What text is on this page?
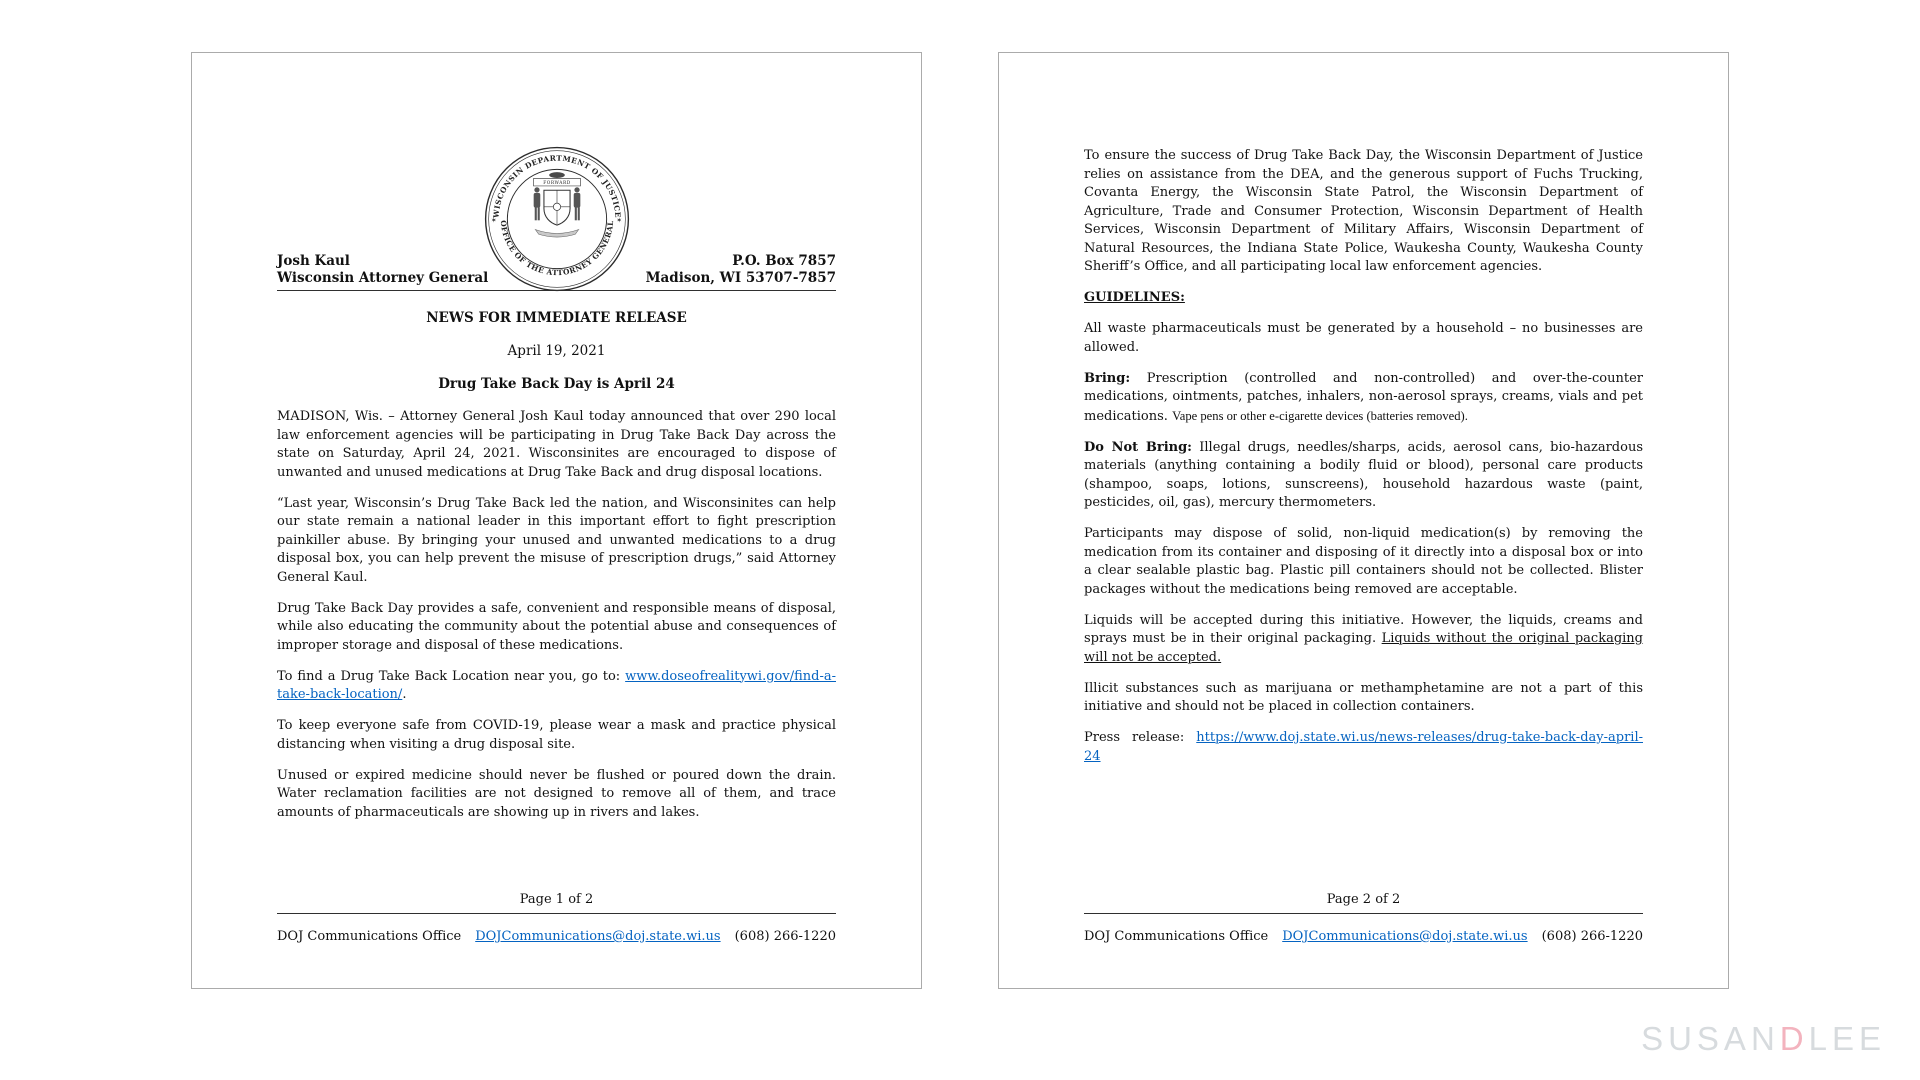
Josh Kaul
Wisconsin Attorney General
WISCONSIN DEPARTMENT OF JUSTICE
OFFICE OF THE ATTORNEY GENERAL
✶	✶
FORWARD
P.O. Box 7857
Madison, WI 53707-7857

NEWS FOR IMMEDIATE RELEASE

April 19, 2021

Drug Take Back Day is April 24

MADISON, Wis. – Attorney General Josh Kaul today announced that over 290 local law enforcement agencies will be participating in Drug Take Back Day across the state on Saturday, April 24, 2021. Wisconsinites are encouraged to dispose of unwanted and unused medications at Drug Take Back and drug disposal locations.

“Last year, Wisconsin’s Drug Take Back led the nation, and Wisconsinites can help our state remain a national leader in this important effort to fight prescription painkiller abuse. By bringing your unused and unwanted medications to a drug disposal box, you can help prevent the misuse of prescription drugs,” said Attorney General Kaul.

Drug Take Back Day provides a safe, convenient and responsible means of disposal, while also educating the community about the potential abuse and consequences of improper storage and disposal of these medications.

To find a Drug Take Back Location near you, go to: www.doseofrealitywi.gov/find-a-take-back-location/.

To keep everyone safe from COVID-19, please wear a mask and practice physical distancing when visiting a drug disposal site.

Unused or expired medicine should never be flushed or poured down the drain. Water reclamation facilities are not designed to remove all of them, and trace amounts of pharmaceuticals are showing up in rivers and lakes.

Page 1 of 2

DOJ Communications Office DOJCommunications@doj.state.wi.us (608) 266-1220

To ensure the success of Drug Take Back Day, the Wisconsin Department of Justice relies on assistance from the DEA, and the generous support of Fuchs Trucking, Covanta Energy, the Wisconsin State Patrol, the Wisconsin Department of Agriculture, Trade and Consumer Protection, Wisconsin Department of Health Services, Wisconsin Department of Military Affairs, Wisconsin Department of Natural Resources, the Indiana State Police, Waukesha County, Waukesha County Sheriff’s Office, and all participating local law enforcement agencies.

GUIDELINES:

All waste pharmaceuticals must be generated by a household – no businesses are allowed.

Bring: Prescription (controlled and non-controlled) and over-the-counter medications, ointments, patches, inhalers, non-aerosol sprays, creams, vials and pet medications. Vape pens or other e-cigarette devices (batteries removed).

Do Not Bring: Illegal drugs, needles/sharps, acids, aerosol cans, bio-hazardous materials (anything containing a bodily fluid or blood), personal care products (shampoo, soaps, lotions, sunscreens), household hazardous waste (paint, pesticides, oil, gas), mercury thermometers.

Participants may dispose of solid, non-liquid medication(s) by removing the medication from its container and disposing of it directly into a disposal box or into a clear sealable plastic bag. Plastic pill containers should not be collected. Blister packages without the medications being removed are acceptable.

Liquids will be accepted during this initiative. However, the liquids, creams and sprays must be in their original packaging. Liquids without the original packaging will not be accepted.

Illicit substances such as marijuana or methamphetamine are not a part of this initiative and should not be placed in collection containers.

Press release: https://www.doj.state.wi.us/news-releases/drug-take-back-day-april-24

Page 2 of 2

DOJ Communications Office DOJCommunications@doj.state.wi.us (608) 266-1220
SUSANDLEE
